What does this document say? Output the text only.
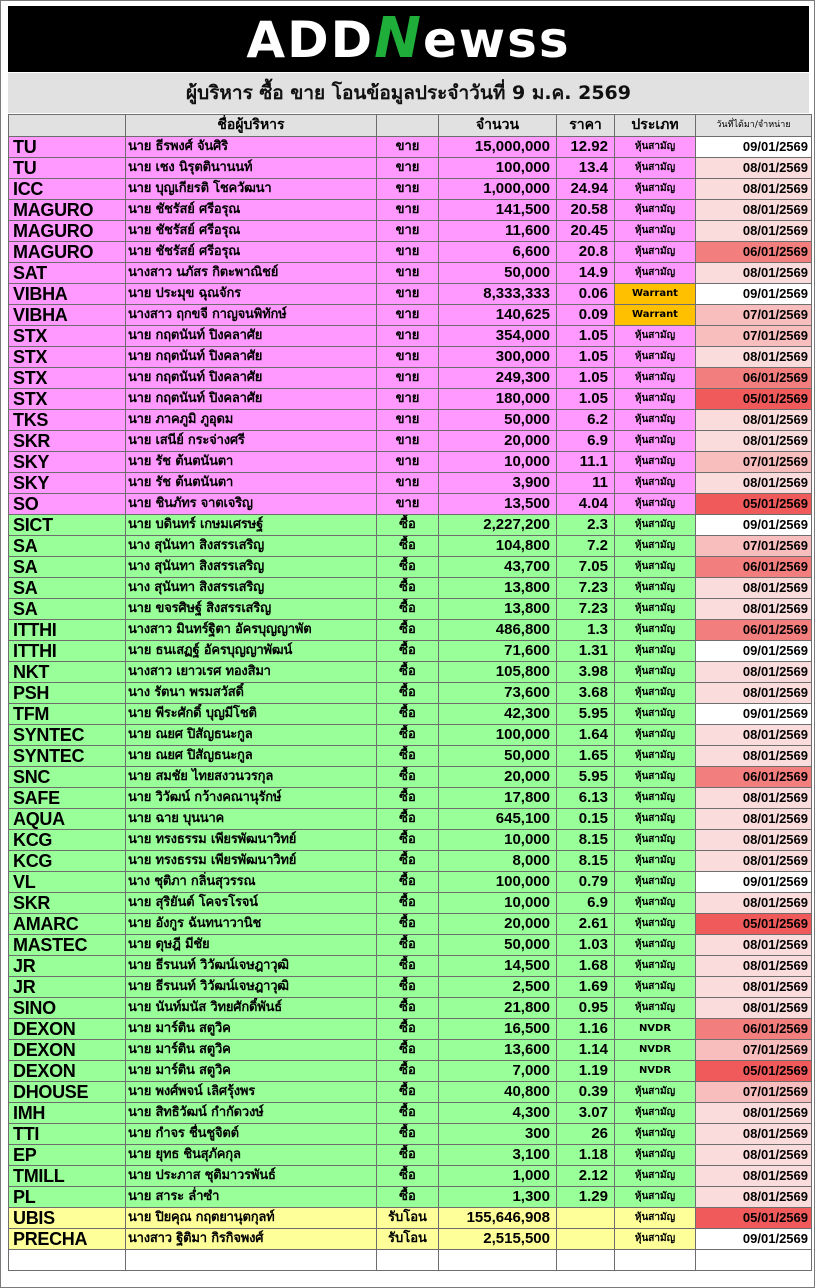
ADDNewss
ผู้บริหาร ซื้อ ขาย โอนข้อมูลประจำวันที่ 9 ม.ค. 2569
	ชื่อผู้บริหาร		จำนวน	ราคา	ประเภท	วันที่ได้มา/จำหน่าย
TU	นาย ธีรพงศ์ จันศิริ	ขาย	15,000,000	12.92	หุ้นสามัญ	09/01/2569
TU	นาย เชง นิรุตตินานนท์	ขาย	100,000	13.4	หุ้นสามัญ	08/01/2569
ICC	นาย บุญเกียรติ โชควัฒนา	ขาย	1,000,000	24.94	หุ้นสามัญ	08/01/2569
MAGURO	นาย ชัชรัสย์ ศรีอรุณ	ขาย	141,500	20.58	หุ้นสามัญ	08/01/2569
MAGURO	นาย ชัชรัสย์ ศรีอรุณ	ขาย	11,600	20.45	หุ้นสามัญ	08/01/2569
MAGURO	นาย ชัชรัสย์ ศรีอรุณ	ขาย	6,600	20.8	หุ้นสามัญ	06/01/2569
SAT	นางสาว นภัสร กิตะพาณิชย์	ขาย	50,000	14.9	หุ้นสามัญ	08/01/2569
VIBHA	นาย ประมุข ฉุณจักร	ขาย	8,333,333	0.06	Warrant	09/01/2569
VIBHA	นางสาว ฤกขจี กาญจนพิทักษ์	ขาย	140,625	0.09	Warrant	07/01/2569
STX	นาย กฤตนันท์ ปิงคลาศัย	ขาย	354,000	1.05	หุ้นสามัญ	07/01/2569
STX	นาย กฤตนันท์ ปิงคลาศัย	ขาย	300,000	1.05	หุ้นสามัญ	08/01/2569
STX	นาย กฤตนันท์ ปิงคลาศัย	ขาย	249,300	1.05	หุ้นสามัญ	06/01/2569
STX	นาย กฤตนันท์ ปิงคลาศัย	ขาย	180,000	1.05	หุ้นสามัญ	05/01/2569
TKS	นาย ภาคภูมิ ภูอุดม	ขาย	50,000	6.2	หุ้นสามัญ	08/01/2569
SKR	นาย เสนีย์ กระจ่างศรี	ขาย	20,000	6.9	หุ้นสามัญ	08/01/2569
SKY	นาย รัช ต้นตนันตา	ขาย	10,000	11.1	หุ้นสามัญ	07/01/2569
SKY	นาย รัช ต้นตนันตา	ขาย	3,900	11	หุ้นสามัญ	08/01/2569
SO	นาย ชินภัทร จาตเจริญ	ขาย	13,500	4.04	หุ้นสามัญ	05/01/2569
SICT	นาย บดินทร์ เกษมเศรษฐ์	ซื้อ	2,227,200	2.3	หุ้นสามัญ	09/01/2569
SA	นาง สุนันทา สิงสรรเสริญ	ซื้อ	104,800	7.2	หุ้นสามัญ	07/01/2569
SA	นาง สุนันทา สิงสรรเสริญ	ซื้อ	43,700	7.05	หุ้นสามัญ	06/01/2569
SA	นาง สุนันทา สิงสรรเสริญ	ซื้อ	13,800	7.23	หุ้นสามัญ	08/01/2569
SA	นาย ขจรศิษฐ์ สิงสรรเสริญ	ซื้อ	13,800	7.23	หุ้นสามัญ	08/01/2569
ITTHI	นางสาว มินทร์ฐิตา อัครบุญญาพัต	ซื้อ	486,800	1.3	หุ้นสามัญ	06/01/2569
ITTHI	นาย ธนเสฏฐ์ อัครบุญญาพัฒน์	ซื้อ	71,600	1.31	หุ้นสามัญ	09/01/2569
NKT	นางสาว เยาวเรศ ทองสิมา	ซื้อ	105,800	3.98	หุ้นสามัญ	08/01/2569
PSH	นาง รัตนา พรมสวัสดิ์	ซื้อ	73,600	3.68	หุ้นสามัญ	08/01/2569
TFM	นาย พีระศักดิ์ บุญมีโชติ	ซื้อ	42,300	5.95	หุ้นสามัญ	09/01/2569
SYNTEC	นาย ณยศ ปิสัญธนะกูล	ซื้อ	100,000	1.64	หุ้นสามัญ	08/01/2569
SYNTEC	นาย ณยศ ปิสัญธนะกูล	ซื้อ	50,000	1.65	หุ้นสามัญ	08/01/2569
SNC	นาย สมชัย ไทยสงวนวรกุล	ซื้อ	20,000	5.95	หุ้นสามัญ	06/01/2569
SAFE	นาย วิวัฒน์ กว้างคณานุรักษ์	ซื้อ	17,800	6.13	หุ้นสามัญ	08/01/2569
AQUA	นาย ฉาย บุนนาค	ซื้อ	645,100	0.15	หุ้นสามัญ	08/01/2569
KCG	นาย ทรงธรรม เพียรพัฒนาวิทย์	ซื้อ	10,000	8.15	หุ้นสามัญ	08/01/2569
KCG	นาย ทรงธรรม เพียรพัฒนาวิทย์	ซื้อ	8,000	8.15	หุ้นสามัญ	08/01/2569
VL	นาง ชุติภา กลิ่นสุวรรณ	ซื้อ	100,000	0.79	หุ้นสามัญ	09/01/2569
SKR	นาย สุริยันต์ โคจรโรจน์	ซื้อ	10,000	6.9	หุ้นสามัญ	08/01/2569
AMARC	นาย อังกูร ฉันทนาวานิช	ซื้อ	20,000	2.61	หุ้นสามัญ	05/01/2569
MASTEC	นาย ดุษฎี มีชัย	ซื้อ	50,000	1.03	หุ้นสามัญ	08/01/2569
JR	นาย ธีรนนท์ วิวัฒน์เจษฎาวุฒิ	ซื้อ	14,500	1.68	หุ้นสามัญ	08/01/2569
JR	นาย ธีรนนท์ วิวัฒน์เจษฎาวุฒิ	ซื้อ	2,500	1.69	หุ้นสามัญ	08/01/2569
SINO	นาย นันท์มนัส วิทยศักดิ์พันธ์	ซื้อ	21,800	0.95	หุ้นสามัญ	08/01/2569
DEXON	นาย มาร์ติน สตูวิค	ซื้อ	16,500	1.16	NVDR	06/01/2569
DEXON	นาย มาร์ติน สตูวิค	ซื้อ	13,600	1.14	NVDR	07/01/2569
DEXON	นาย มาร์ติน สตูวิค	ซื้อ	7,000	1.19	NVDR	05/01/2569
DHOUSE	นาย พงศ์พจน์ เลิศรุ้งพร	ซื้อ	40,800	0.39	หุ้นสามัญ	07/01/2569
IMH	นาย สิทธิวัฒน์ กำกัดวงษ์	ซื้อ	4,300	3.07	หุ้นสามัญ	08/01/2569
TTI	นาย กำจร ชื่นชูจิตต์	ซื้อ	300	26	หุ้นสามัญ	08/01/2569
EP	นาย ยุทธ ชินสุภัคกุล	ซื้อ	3,100	1.18	หุ้นสามัญ	08/01/2569
TMILL	นาย ประภาส ชุติมาวรพันธ์	ซื้อ	1,000	2.12	หุ้นสามัญ	08/01/2569
PL	นาย สาระ ล่ำซำ	ซื้อ	1,300	1.29	หุ้นสามัญ	08/01/2569
UBIS	นาย ปิยคุณ กฤตยานุตกุลท์	รับโอน	155,646,908		หุ้นสามัญ	05/01/2569
PRECHA	นางสาว ฐิติมา กิรกิจพงศ์	รับโอน	2,515,500		หุ้นสามัญ	09/01/2569
